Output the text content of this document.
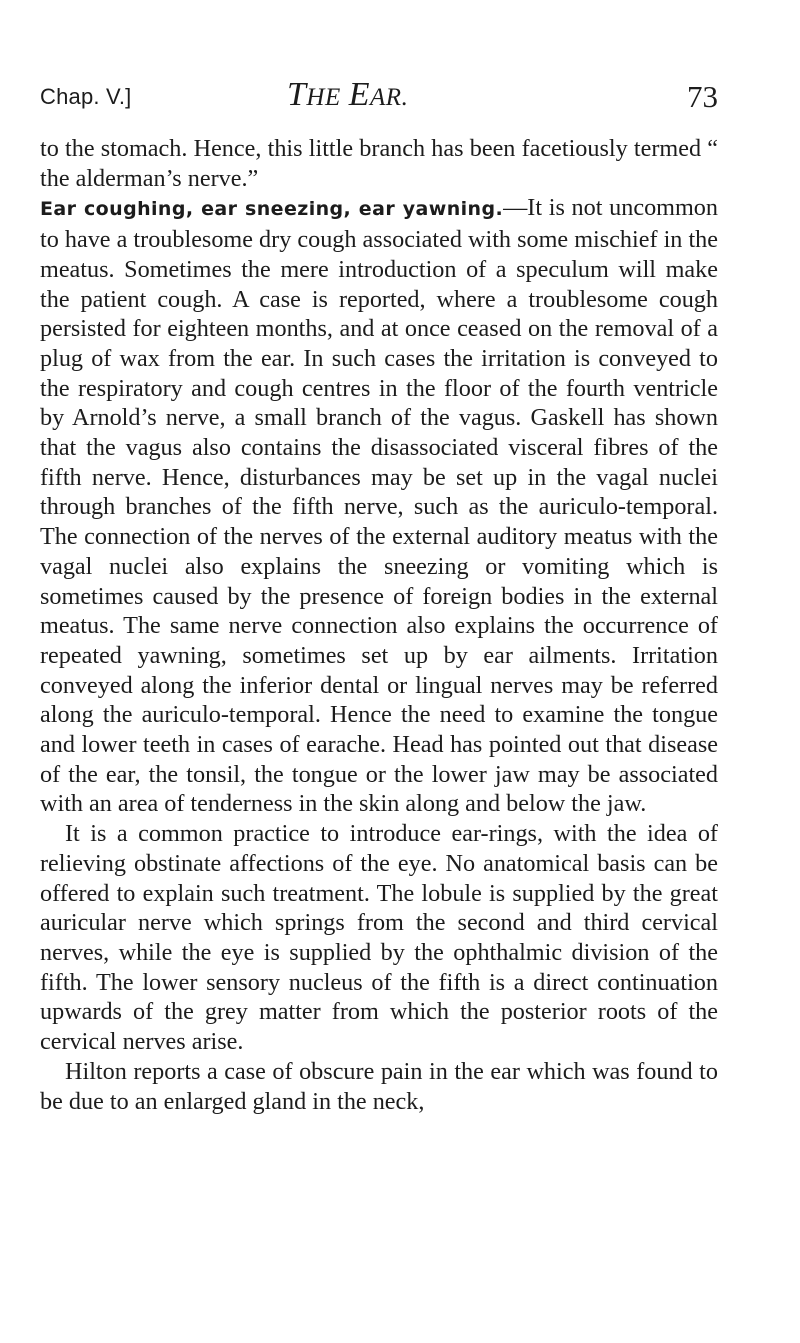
Chap. V.]	THE EAR.	73

to the stomach. Hence, this little branch has been facetiously termed “ the alderman’s nerve.”

Ear coughing, ear sneezing, ear yawning.—It is not uncommon to have a troublesome dry cough associated with some mischief in the meatus. Sometimes the mere introduction of a speculum will make the patient cough. A case is reported, where a troublesome cough persisted for eighteen months, and at once ceased on the removal of a plug of wax from the ear. In such cases the irritation is conveyed to the respiratory and cough centres in the floor of the fourth ventricle by Arnold’s nerve, a small branch of the vagus. Gaskell has shown that the vagus also contains the disassociated visceral fibres of the fifth nerve. Hence, disturbances may be set up in the vagal nuclei through branches of the fifth nerve, such as the auriculo-temporal. The connection of the nerves of the external auditory meatus with the vagal nuclei also explains the sneezing or vomiting which is sometimes caused by the presence of foreign bodies in the external meatus. The same nerve connection also explains the occurrence of repeated yawning, sometimes set up by ear ailments. Irritation conveyed along the inferior dental or lingual nerves may be referred along the auriculo-temporal. Hence the need to examine the tongue and lower teeth in cases of earache. Head has pointed out that disease of the ear, the tonsil, the tongue or the lower jaw may be associated with an area of tenderness in the skin along and below the jaw.

It is a common practice to introduce ear-rings, with the idea of relieving obstinate affections of the eye. No anatomical basis can be offered to explain such treatment. The lobule is supplied by the great auricular nerve which springs from the second and third cervical nerves, while the eye is supplied by the ophthalmic division of the fifth. The lower sensory nucleus of the fifth is a direct continuation upwards of the grey matter from which the posterior roots of the cervical nerves arise.

Hilton reports a case of obscure pain in the ear which was found to be due to an enlarged gland in the neck,
